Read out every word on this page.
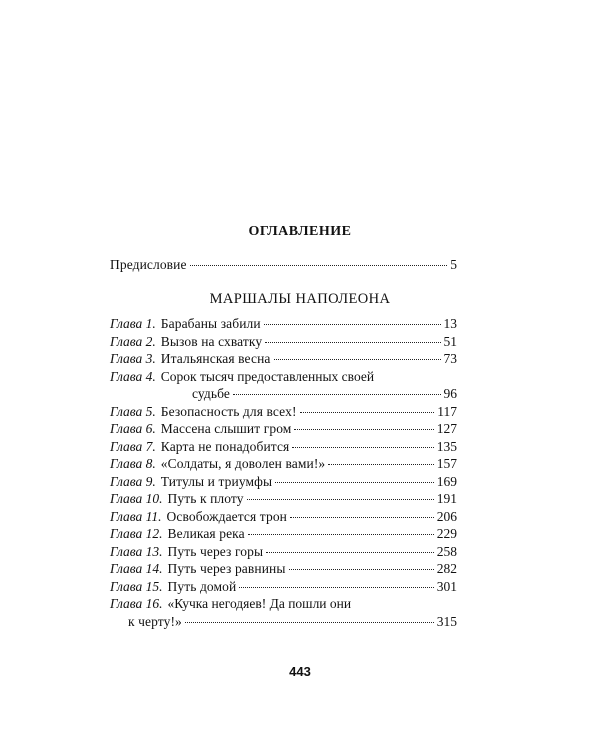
ОГЛАВЛЕНИЕ
Предисловие	5
МАРШАЛЫ НАПОЛЕОНА
Глава 1. Барабаны забили	13
Глава 2. Вызов на схватку	51
Глава 3. Итальянская весна	73
Глава 4. Сорок тысяч предоставленных своей
судьбе	96
Глава 5. Безопасность для всех!	117
Глава 6. Массена слышит гром	127
Глава 7. Карта не понадобится	135
Глава 8. «Солдаты, я доволен вами!»	157
Глава 9. Титулы и триумфы	169
Глава 10. Путь к плоту	191
Глава 11. Освобождается трон	206
Глава 12. Великая река	229
Глава 13. Путь через горы	258
Глава 14. Путь через равнины	282
Глава 15. Путь домой	301
Глава 16. «Кучка негодяев! Да пошли они
к черту!»	315
443
